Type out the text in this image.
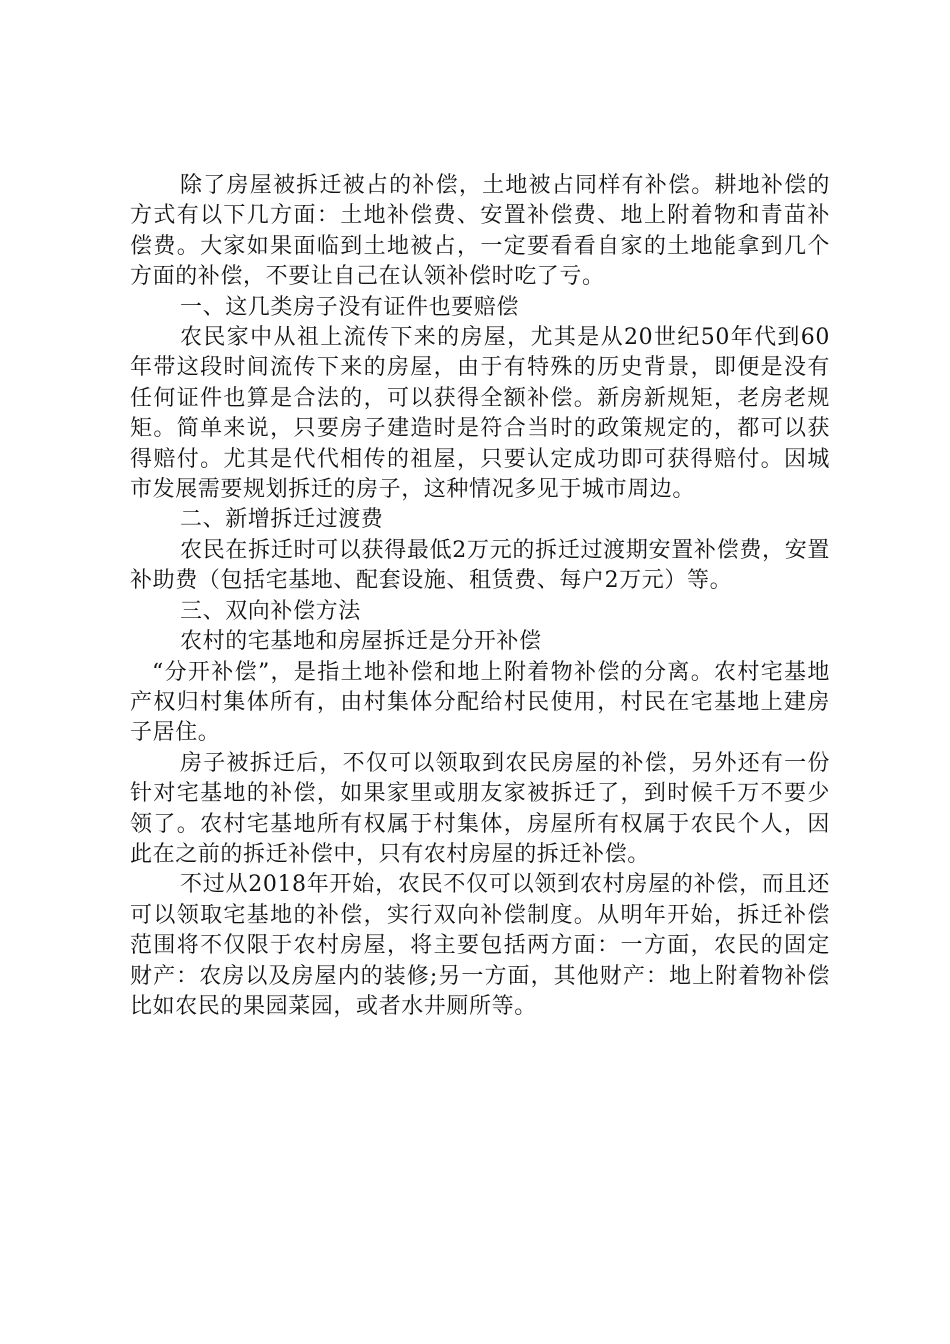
除了房屋被拆迁被占的补偿，土地被占同样有补偿。耕地补偿的方式有以下几方面：土地补偿费、安置补偿费、地上附着物和青苗补偿费。大家如果面临到土地被占，一定要看看自家的土地能拿到几个方面的补偿，不要让自己在认领补偿时吃了亏。

一、这几类房子没有证件也要赔偿

农民家中从祖上流传下来的房屋，尤其是从20世纪50年代到60年带这段时间流传下来的房屋，由于有特殊的历史背景，即便是没有任何证件也算是合法的，可以获得全额补偿。新房新规矩，老房老规矩。简单来说，只要房子建造时是符合当时的政策规定的，都可以获得赔付。尤其是代代相传的祖屋，只要认定成功即可获得赔付。因城市发展需要规划拆迁的房子，这种情况多见于城市周边。

二、新增拆迁过渡费

农民在拆迁时可以获得最低2万元的拆迁过渡期安置补偿费，安置补助费（包括宅基地、配套设施、租赁费、每户2万元）等。

三、双向补偿方法

农村的宅基地和房屋拆迁是分开补偿

“分开补偿”，是指土地补偿和地上附着物补偿的分离。农村宅基地产权归村集体所有，由村集体分配给村民使用，村民在宅基地上建房子居住。

房子被拆迁后，不仅可以领取到农民房屋的补偿，另外还有一份针对宅基地的补偿，如果家里或朋友家被拆迁了，到时候千万不要少领了。农村宅基地所有权属于村集体，房屋所有权属于农民个人，因此在之前的拆迁补偿中，只有农村房屋的拆迁补偿。

不过从2018年开始，农民不仅可以领到农村房屋的补偿，而且还可以领取宅基地的补偿，实行双向补偿制度。从明年开始，拆迁补偿范围将不仅限于农村房屋，将主要包括两方面：一方面，农民的固定财产：农房以及房屋内的装修;另一方面，其他财产：地上附着物补偿比如农民的果园菜园，或者水井厕所等。
